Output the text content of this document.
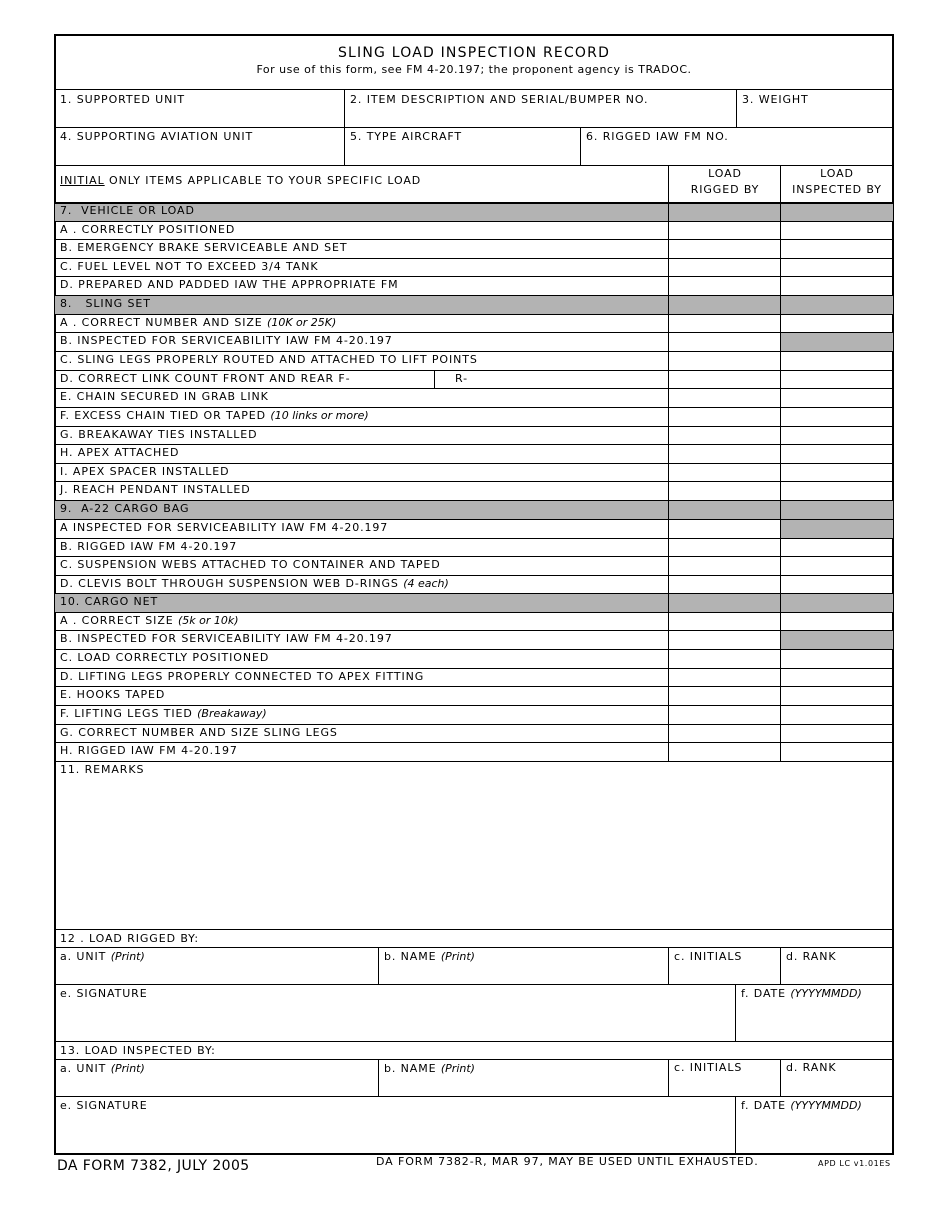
SLING LOAD INSPECTION RECORD
For use of this form, see FM 4-20.197; the proponent agency is TRADOC.
1. SUPPORTED UNIT	2. ITEM DESCRIPTION AND SERIAL/BUMPER NO.	3. WEIGHT
4. SUPPORTING AVIATION UNIT	5. TYPE AIRCRAFT	6. RIGGED IAW FM NO.
INITIAL ONLY ITEMS APPLICABLE TO YOUR SPECIFIC LOAD
LOAD
RIGGED BY
LOAD
INSPECTED BY
7. VEHICLE OR LOAD
A . CORRECTLY POSITIONED
B. EMERGENCY BRAKE SERVICEABLE AND SET
C. FUEL LEVEL NOT TO EXCEED 3/4 TANK
D. PREPARED AND PADDED IAW THE APPROPRIATE FM
8. SLING SET
A . CORRECT NUMBER AND SIZE (10K or 25K)
B. INSPECTED FOR SERVICEABILITY IAW FM 4-20.197
C. SLING LEGS PROPERLY ROUTED AND ATTACHED TO LIFT POINTS
D. CORRECT LINK COUNT FRONT AND REAR F-	R-
E. CHAIN SECURED IN GRAB LINK
F. EXCESS CHAIN TIED OR TAPED (10 links or more)
G. BREAKAWAY TIES INSTALLED
H. APEX ATTACHED
I. APEX SPACER INSTALLED
J. REACH PENDANT INSTALLED
9. A-22 CARGO BAG
A INSPECTED FOR SERVICEABILITY IAW FM 4-20.197
B. RIGGED IAW FM 4-20.197
C. SUSPENSION WEBS ATTACHED TO CONTAINER AND TAPED
D. CLEVIS BOLT THROUGH SUSPENSION WEB D-RINGS (4 each)
10. CARGO NET
A . CORRECT SIZE (5k or 10k)
B. INSPECTED FOR SERVICEABILITY IAW FM 4-20.197
C. LOAD CORRECTLY POSITIONED
D. LIFTING LEGS PROPERLY CONNECTED TO APEX FITTING
E. HOOKS TAPED
F. LIFTING LEGS TIED (Breakaway)
G. CORRECT NUMBER AND SIZE SLING LEGS
H. RIGGED IAW FM 4-20.197
11. REMARKS
12 . LOAD RIGGED BY:
a. UNIT (Print)	b. NAME (Print)	c. INITIALS	d. RANK
e. SIGNATURE	f. DATE (YYYYMMDD)
13. LOAD INSPECTED BY:
a. UNIT (Print)	b. NAME (Print)	c. INITIALS	d. RANK
e. SIGNATURE	f. DATE (YYYYMMDD)
DA FORM 7382, JULY 2005	DA FORM 7382-R, MAR 97, MAY BE USED UNTIL EXHAUSTED.	APD LC v1.01ES
